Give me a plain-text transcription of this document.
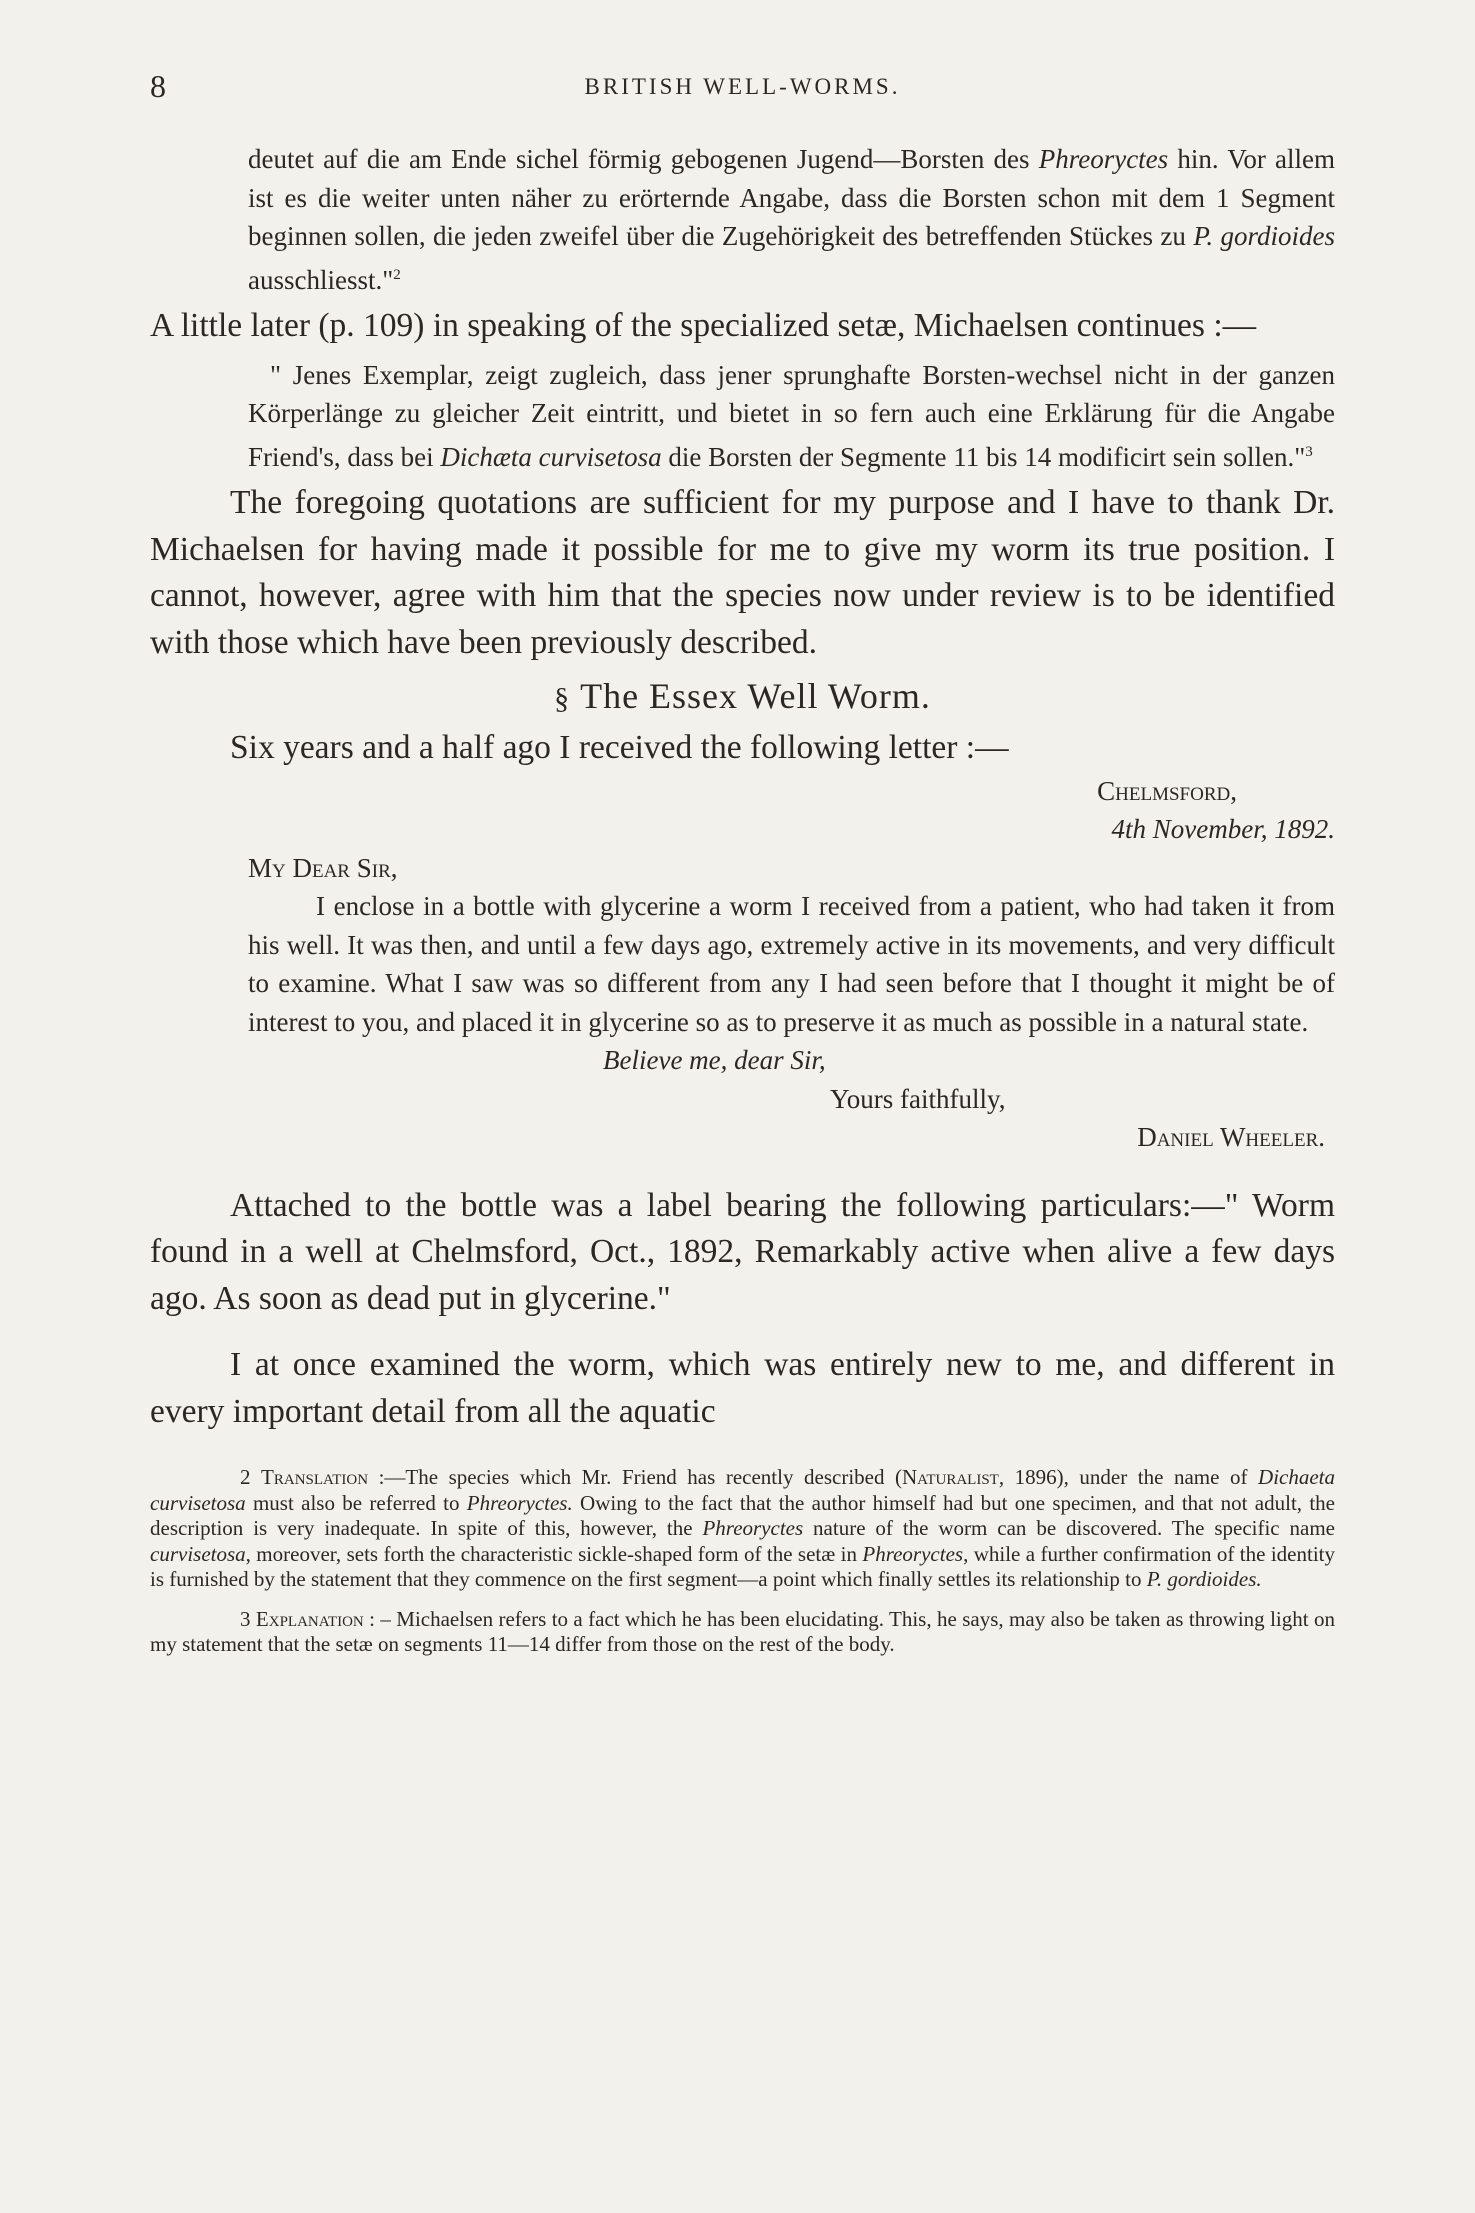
8	BRITISH WELL-WORMS.

deutet auf die am Ende sichel förmig gebogenen Jugend—Borsten des Phreoryctes hin. Vor allem ist es die weiter unten näher zu erörternde Angabe, dass die Borsten schon mit dem 1 Segment beginnen sollen, die jeden zweifel über die Zugehörigkeit des betreffenden Stückes zu P. gordioides ausschliesst."$^2$

A little later (p. 109) in speaking of the specialized setæ, Michaelsen continues :—

" Jenes Exemplar, zeigt zugleich, dass jener sprunghafte Borsten-wechsel nicht in der ganzen Körperlänge zu gleicher Zeit eintritt, und bietet in so fern auch eine Erklärung für die Angabe Friend's, dass bei Dichæta curvisetosa die Borsten der Segmente 11 bis 14 modificirt sein sollen."$^3$

The foregoing quotations are sufficient for my purpose and I have to thank Dr. Michaelsen for having made it possible for me to give my worm its true position. I cannot, however, agree with him that the species now under review is to be identified with those which have been previously described.

§ The Essex Well Worm.

Six years and a half ago I received the following letter :—

Chelmsford,
4th November, 1892.
My Dear Sir,

I enclose in a bottle with glycerine a worm I received from a patient, who had taken it from his well. It was then, and until a few days ago, extremely active in its movements, and very difficult to examine. What I saw was so different from any I had seen before that I thought it might be of interest to you, and placed it in glycerine so as to preserve it as much as possible in a natural state.

Believe me, dear Sir,
Yours faithfully,
Daniel Wheeler.

Attached to the bottle was a label bearing the following particulars:—" Worm found in a well at Chelmsford, Oct., 1892, Remarkably active when alive a few days ago. As soon as dead put in glycerine."

I at once examined the worm, which was entirely new to me, and different in every important detail from all the aquatic

2 Translation :—The species which Mr. Friend has recently described (Naturalist, 1896), under the name of Dichaeta curvisetosa must also be referred to Phreoryctes. Owing to the fact that the author himself had but one specimen, and that not adult, the description is very inadequate. In spite of this, however, the Phreoryctes nature of the worm can be discovered. The specific name curvisetosa, moreover, sets forth the characteristic sickle-shaped form of the setæ in Phreoryctes, while a further confirmation of the identity is furnished by the statement that they commence on the first segment—a point which finally settles its relationship to P. gordioides.

3 Explanation : – Michaelsen refers to a fact which he has been elucidating. This, he says, may also be taken as throwing light on my statement that the setæ on segments 11—14 differ from those on the rest of the body.
